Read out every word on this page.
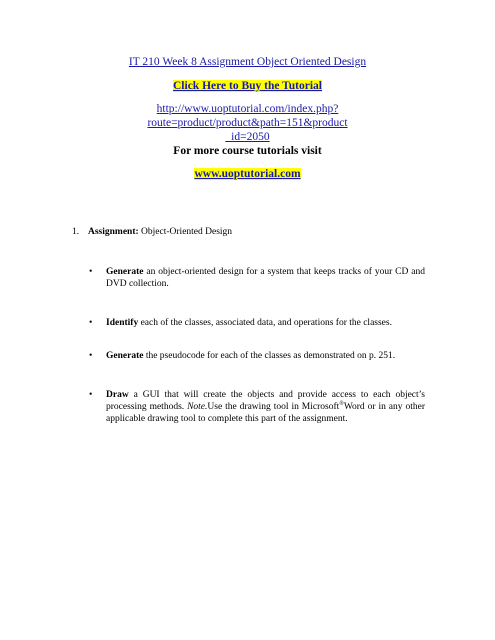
IT 210 Week 8 Assignment Object Oriented Design
Click Here to Buy the Tutorial
http://www.uoptutorial.com/index.php?route=product/product&path=151&product
_id=2050
For more course tutorials visit
www.uoptutorial.com
1. Assignment: Object-Oriented Design
• Generate an object-oriented design for a system that keeps tracks of your CD and DVD collection.
• Identify each of the classes, associated data, and operations for the classes.
• Generate the pseudocode for each of the classes as demonstrated on p. 251.
• Draw a GUI that will create the objects and provide access to each object’s processing methods. Note.Use the drawing tool in Microsoft®Word or in any other applicable drawing tool to complete this part of the assignment.
